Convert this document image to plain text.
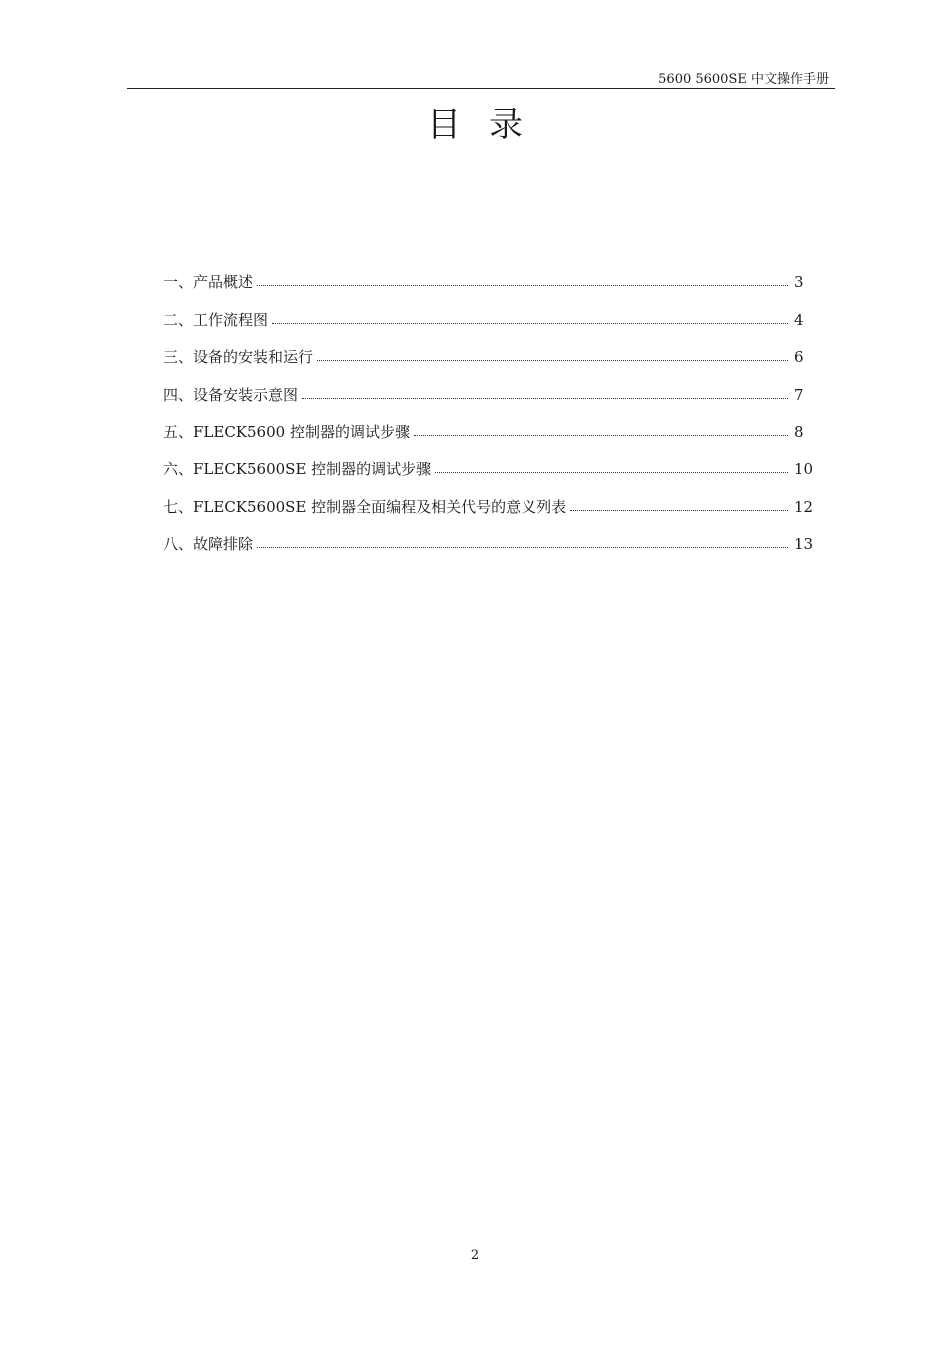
5600 5600SE 中文操作手册
目录
一、产品概述	3
二、工作流程图	4
三、设备的安装和运行	6
四、设备安装示意图	7
五、FLECK5600 控制器的调试步骤	8
六、FLECK5600SE 控制器的调试步骤	10
七、FLECK5600SE 控制器全面编程及相关代号的意义列表	12
八、故障排除	13
2
